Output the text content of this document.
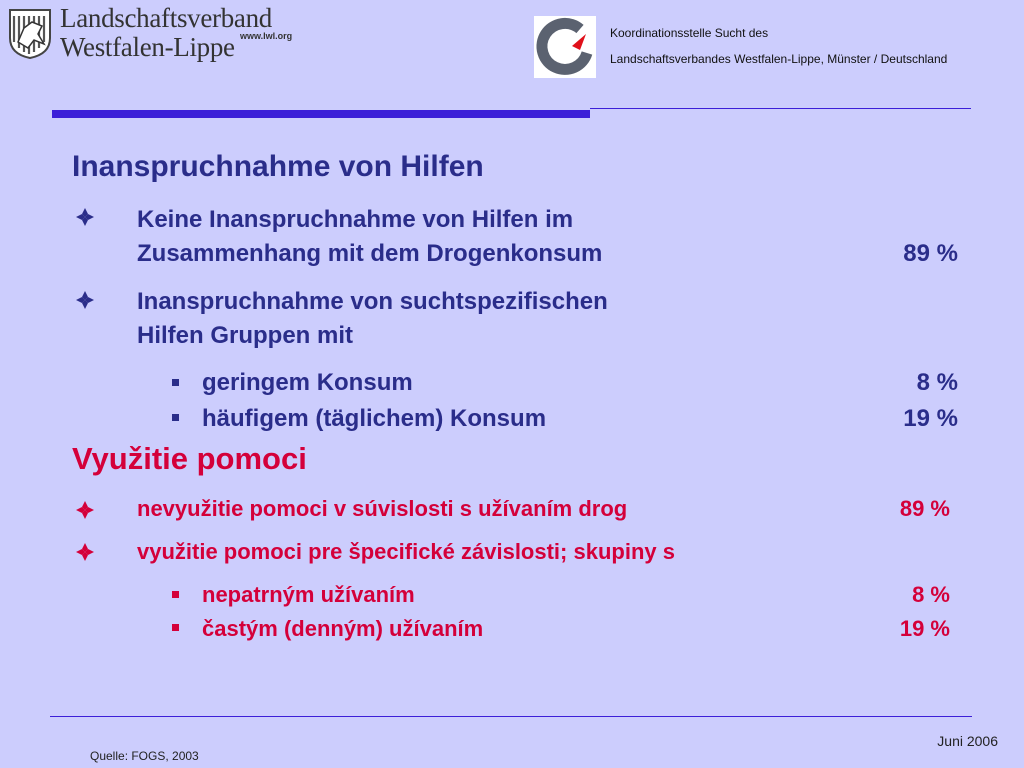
Landschaftsverband
Westfalen-Lippe www.lwl.org	Koordinationsstelle Sucht des
Landschaftsverbandes Westfalen-Lippe, Münster / Deutschland
Inanspruchnahme von Hilfen
Keine Inanspruchnahme von Hilfen im
Zusammenhang mit dem Drogenkonsum	89 %
Inanspruchnahme von suchtspezifischen
Hilfen Gruppen mit
geringem Konsum	8 %
häufigem (täglichem) Konsum	19 %
Využitie pomoci
nevyužitie pomoci v súvislosti s užívaním drog	89 %
využitie pomoci pre špecifické závislosti; skupiny s
nepatrným užívaním	8 %
častým (denným) užívaním	19 %
Juni 2006
Quelle: FOGS, 2003
